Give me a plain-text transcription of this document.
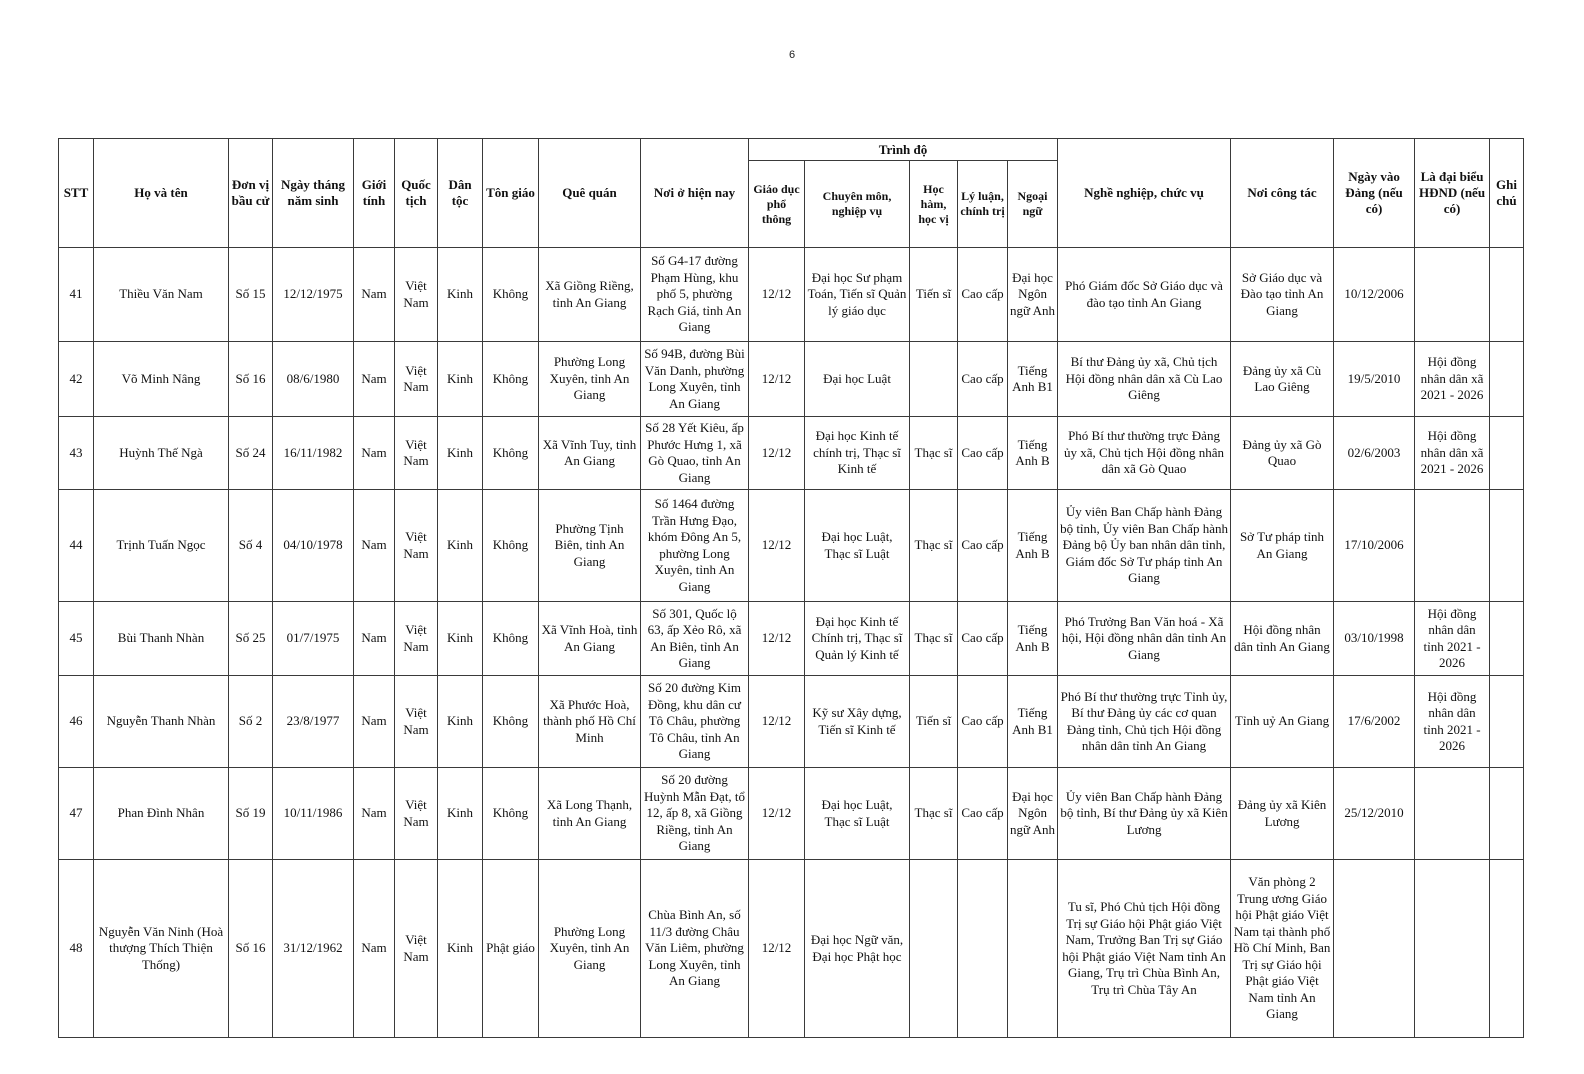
6
STT	Họ và tên	Đơn vị bầu cử	Ngày tháng năm sinh	Giới tính	Quốc tịch	Dân tộc	Tôn giáo	Quê quán	Nơi ở hiện nay	Trình độ					Nghề nghiệp, chức vụ	Nơi công tác	Ngày vào Đảng (nếu có)	Là đại biểu HĐND (nếu có)	Ghi chú
										Giáo dục phổ thông	Chuyên môn, nghiệp vụ	Học hàm, học vị	Lý luận, chính trị	Ngoại ngữ					
41	Thiều Văn Nam	Số 15	12/12/1975	Nam	Việt Nam	Kinh	Không	Xã Giồng Riềng, tỉnh An Giang	Số G4-17 đường Phạm Hùng, khu phố 5, phường Rạch Giá, tỉnh An Giang	12/12	Đại học Sư phạm Toán, Tiến sĩ Quản lý giáo dục	Tiến sĩ	Cao cấp	Đại học Ngôn ngữ Anh	Phó Giám đốc Sở Giáo dục và đào tạo tỉnh An Giang	Sở Giáo dục và Đào tạo tỉnh An Giang	10/12/2006		
42	Võ Minh Nâng	Số 16	08/6/1980	Nam	Việt Nam	Kinh	Không	Phường Long Xuyên, tỉnh An Giang	Số 94B, đường Bùi Văn Danh, phường Long Xuyên, tỉnh An Giang	12/12	Đại học Luật		Cao cấp	Tiếng Anh B1	Bí thư Đảng ủy xã, Chủ tịch Hội đồng nhân dân xã Cù Lao Giêng	Đảng ủy xã Cù Lao Giêng	19/5/2010	Hội đồng nhân dân xã 2021 - 2026	
43	Huỳnh Thế Ngà	Số 24	16/11/1982	Nam	Việt Nam	Kinh	Không	Xã Vĩnh Tuy, tỉnh An Giang	Số 28 Yết Kiêu, ấp Phước Hưng 1, xã Gò Quao, tỉnh An Giang	12/12	Đại học Kinh tế chính trị, Thạc sĩ Kinh tế	Thạc sĩ	Cao cấp	Tiếng Anh B	Phó Bí thư thường trực Đảng ủy xã, Chủ tịch Hội đồng nhân dân xã Gò Quao	Đảng ủy xã Gò Quao	02/6/2003	Hội đồng nhân dân xã 2021 - 2026	
44	Trịnh Tuấn Ngọc	Số 4	04/10/1978	Nam	Việt Nam	Kinh	Không	Phường Tịnh Biên, tỉnh An Giang	Số 1464 đường Trần Hưng Đạo, khóm Đông An 5, phường Long Xuyên, tỉnh An Giang	12/12	Đại học Luật, Thạc sĩ Luật	Thạc sĩ	Cao cấp	Tiếng Anh B	Ủy viên Ban Chấp hành Đảng bộ tỉnh, Ủy viên Ban Chấp hành Đảng bộ Ủy ban nhân dân tỉnh, Giám đốc Sở Tư pháp tỉnh An Giang	Sở Tư pháp tỉnh An Giang	17/10/2006		
45	Bùi Thanh Nhàn	Số 25	01/7/1975	Nam	Việt Nam	Kinh	Không	Xã Vĩnh Hoà, tỉnh An Giang	Số 301, Quốc lộ 63, ấp Xẻo Rô, xã An Biên, tỉnh An Giang	12/12	Đại học Kinh tế Chính trị, Thạc sĩ Quản lý Kinh tế	Thạc sĩ	Cao cấp	Tiếng Anh B	Phó Trưởng Ban Văn hoá - Xã hội, Hội đồng nhân dân tỉnh An Giang	Hội đồng nhân dân tỉnh An Giang	03/10/1998	Hội đồng nhân dân tỉnh 2021 - 2026	
46	Nguyễn Thanh Nhàn	Số 2	23/8/1977	Nam	Việt Nam	Kinh	Không	Xã Phước Hoà, thành phố Hồ Chí Minh	Số 20 đường Kim Đồng, khu dân cư Tô Châu, phường Tô Châu, tỉnh An Giang	12/12	Kỹ sư Xây dựng, Tiến sĩ Kinh tế	Tiến sĩ	Cao cấp	Tiếng Anh B1	Phó Bí thư thường trực Tỉnh ủy, Bí thư Đảng ủy các cơ quan Đảng tỉnh, Chủ tịch Hội đồng nhân dân tỉnh An Giang	Tỉnh uỷ An Giang	17/6/2002	Hội đồng nhân dân tỉnh 2021 - 2026	
47	Phan Đình Nhân	Số 19	10/11/1986	Nam	Việt Nam	Kinh	Không	Xã Long Thạnh, tỉnh An Giang	Số 20 đường Huỳnh Mẫn Đạt, tổ 12, ấp 8, xã Giồng Riềng, tỉnh An Giang	12/12	Đại học Luật, Thạc sĩ Luật	Thạc sĩ	Cao cấp	Đại học Ngôn ngữ Anh	Ủy viên Ban Chấp hành Đảng bộ tỉnh, Bí thư Đảng ủy xã Kiên Lương	Đảng ủy xã Kiên Lương	25/12/2010		
48	Nguyễn Văn Ninh (Hoà thượng Thích Thiện Thống)	Số 16	31/12/1962	Nam	Việt Nam	Kinh	Phật giáo	Phường Long Xuyên, tỉnh An Giang	Chùa Bình An, số 11/3 đường Châu Văn Liêm, phường Long Xuyên, tỉnh An Giang	12/12	Đại học Ngữ văn, Đại học Phật học				Tu sĩ, Phó Chủ tịch Hội đồng Trị sự Giáo hội Phật giáo Việt Nam, Trưởng Ban Trị sự Giáo hội Phật giáo Việt Nam tỉnh An Giang, Trụ trì Chùa Bình An, Trụ trì Chùa Tây An	Văn phòng 2 Trung ương Giáo hội Phật giáo Việt Nam tại thành phố Hồ Chí Minh, Ban Trị sự Giáo hội Phật giáo Việt Nam tỉnh An Giang			
